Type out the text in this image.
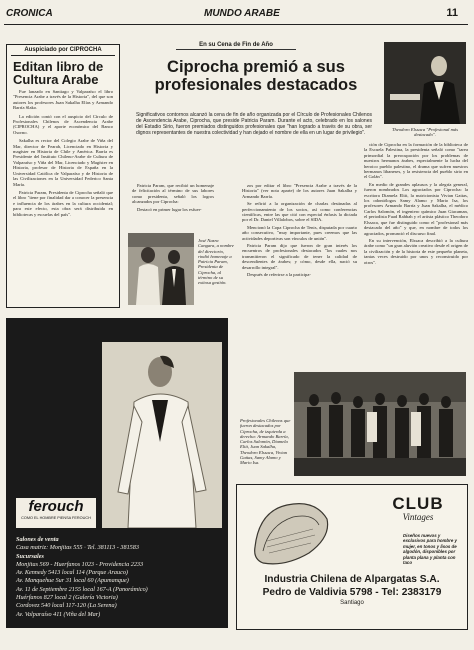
CRONICA	MUNDO ARABE	11
Auspiciado por CIPROCHA
Editan libro de Cultura Arabe

Fue lanzado en Santiago y Valparaíso el libro "Presencia Arabe a través de la Historia", del que son autores los profesores Juan Sakalha Elías y Armando Barría Slako.

La edición contó con el auspicio del Círculo de Profesionales Chilenos de Ascendencia Arabe (CIPROCHA) y el aporte económico del Banco Osorno.

Sakalha es rector del Colegio Arabe de Viña del Mar, director de Fearab, Licenciado en Historia y magíster en Historia de Chile y América. Barría es Presidente del Instituto Chileno-Arabe de Cultura de Valparaíso y Viña del Mar, Licenciado y Magíster en Historia, profesor de Historia de España en la Universidad Católica de Valparaíso y de Historia de las Civilizaciones en la Universidad Federico Santa María.

Patricia Param, Presidenta de Ciprocha señaló que el libro "tiene por finalidad dar a conocer la presencia e influencia de los árabes en la cultura occidental; para este efecto, esta obra será distribuida en bibliotecas y escuelas del país".

En su Cena de Fin de Año
Ciprocha premió a sus profesionales destacados
Significativos contornos alcanzó la cena de fin de año organizada por el Círculo de Profesionales Chilenos de Ascendencia Arabe, Ciprocha, que preside Patricia Param. Durante el acto, celebrado en los salones del Estadio Sirio, fueron premiados distinguidos profesionales que "han logrado a través de su obra, ser dignos representantes de nuestra colectividad y han dejado el nombre de ella en un lugar de privilegio".
Theodoro Elssaca "Profesional más destacado".

Patricia Param, que recibió un homenaje de felicitación al término de sus labores como presidenta, señaló los logros alcanzados por Ciprocha:

Destacó en primer lugar los esfuer-

José Nazra Cangara, a nombre del directorio, rindió homenaje a Patricia Param, Presidenta de Ciprocha, al término de su exitosa gestión.

zos por editar el libro "Presencia Arabe a través de la Historia" (ver nota aparte) de los autores Juan Sakalha y Armando Barría.

Se refirió a la organización de charlas destinadas al perfeccionamiento de los socios, así como conferencias científicas, entre las que citó con especial énfasis la dictada por el Dr. Daniel Villalobos, sobre el SIDA.

Mencionó la Copa Ciprocha de Tenis, disputada por cuarto año consecutivo, "muy importante, pues creemos que las actividades deportivas son vínculos de unión".

Patricia Param dijo que fueron de gran interés los encuentros de profesionales destacados "los cuales nos transmitieron el significado de tener la calidad de descendientes de árabes; y cómo, desde ella, nació su desarrollo integral".

Después de referirse a la participa-

ción de Ciprocha en la formación de la biblioteca de la Escuela Palestina, la presidenta señaló como "tarea primordial la preocupación por los problemas de nuestros hermanos árabes, especialmente la lucha del heroico pueblo palestino, el drama que sufren nuestros hermanos libaneses, y la resistencia del pueblo sirio en el Golán".

En medio de grandes aplausos y la alegría general, fueron nombrados Los agraciados por Ciprocha: la escritora Diamela Eltit, la nutricionista Vivian Gattas, los odontólogos Samy Alamo y Mario Isa, los profesores Armando Barría y Juan Sakalha, el médico Carlos Salomón, el ingeniero químico Juan Giacaman, el periodista Fuad Rahbah y el artista plástico Theodoro Elssaca, que fue distinguido como el "profesional más destacado del año" y que, en nombre de todos los agraciados, pronunció el discurso final.

En su intervención, Elssaca describió a la cultura árabe como "un gran aluvión creativo desde el origen de la civilización y de la historia de este pequeño planeta, tantas veces destruido por unos y reconstruido por otros".

Profesionales Chilenos que fueron destacados por Ciprocha, de izquierda a derecha: Armando Barría, Carlos Salomón, Diamela Eltit, Juan Sakalha, Theodoro Elssaca, Vivian Gattas, Samy Alamo y Mario Isa.
ferouch
COMO EL HOMBRE PIENSA FEROUCH
Salones de venta
Casa matriz: Monjitas 555 · Tel. 381113 - 381583
Sucursales
Monjitas 569 - Huerfanos 1023 - Providencia 2233
Av. Kennedy 5413 local 114 (Parque Arauco)
Av. Manquehue Sur 31 local 60 (Apumanque)
Av. 11 de Septiembre 2155 local 167-A (Panorámico)
Huérfanos 827 local 2 (Galería Victoria)
Cordovez 540 local 117-120 (La Serena)
Av. Valparaíso 411 (Viña del Mar)
CLUB
Vintages
Diseños nuevos y exclusivos para hombre y mujer, en tonos y lisos de algodón, disponibles por planta plana y planta con taco
Industria Chilena de Alpargatas S.A.
Pedro de Valdivia 5798 - Tel: 2383179
Santiago
